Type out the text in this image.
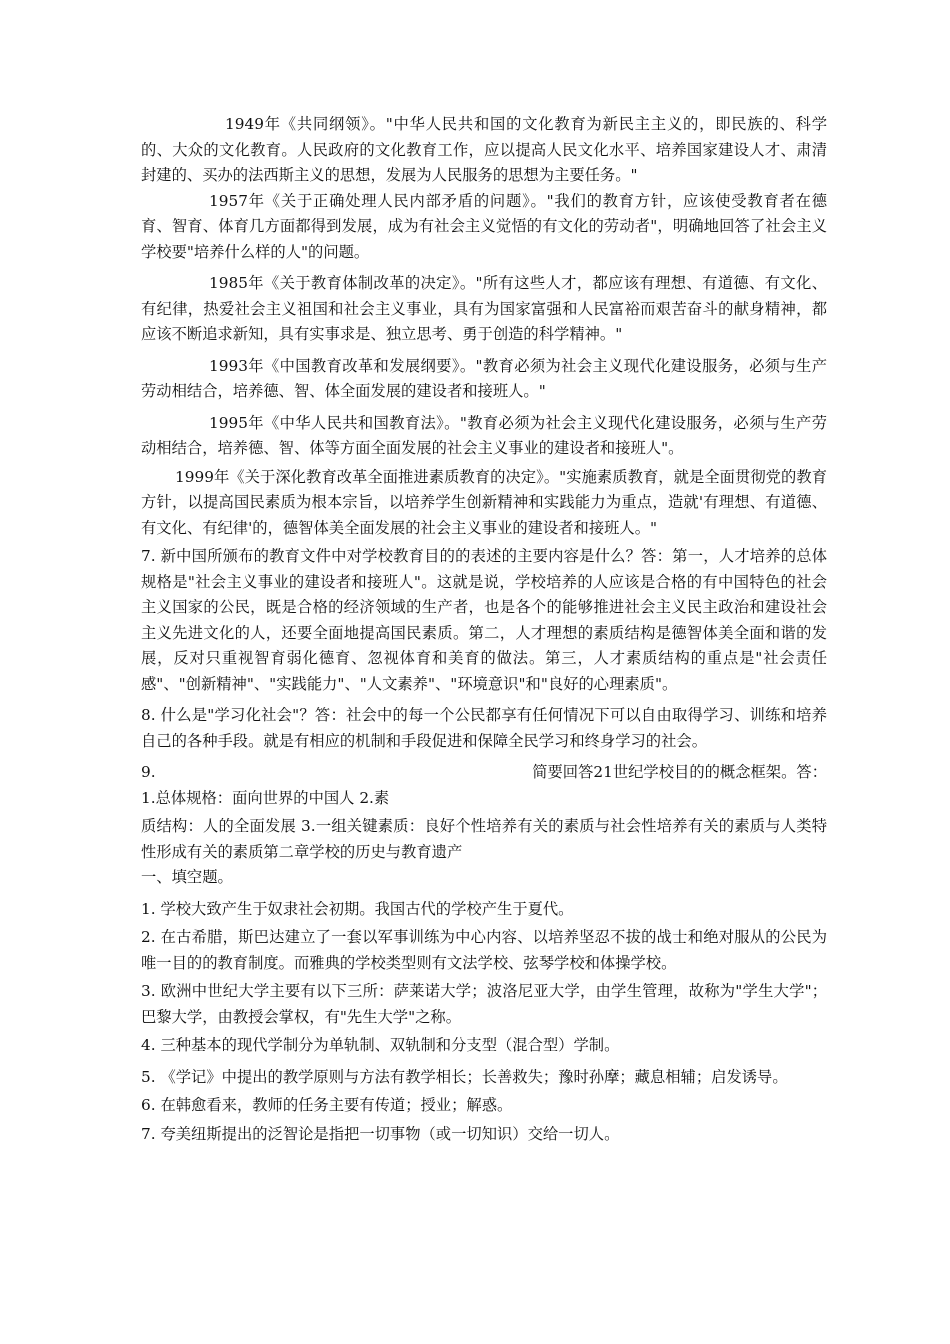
1949年《共同纲领》。"中华人民共和国的文化教育为新民主主义的，即民族的、科学的、大众的文化教育。人民政府的文化教育工作，应以提高人民文化水平、培养国家建设人才、肃清封建的、买办的法西斯主义的思想，发展为人民服务的思想为主要任务。"

1957年《关于正确处理人民内部矛盾的问题》。"我们的教育方针，应该使受教育者在德育、智育、体育几方面都得到发展，成为有社会主义觉悟的有文化的劳动者"，明确地回答了社会主义学校要"培养什么样的人"的问题。

1985年《关于教育体制改革的决定》。"所有这些人才，都应该有理想、有道德、有文化、有纪律，热爱社会主义祖国和社会主义事业，具有为国家富强和人民富裕而艰苦奋斗的献身精神，都应该不断追求新知，具有实事求是、独立思考、勇于创造的科学精神。"

1993年《中国教育改革和发展纲要》。"教育必须为社会主义现代化建设服务，必须与生产劳动相结合，培养德、智、体全面发展的建设者和接班人。"

1995年《中华人民共和国教育法》。"教育必须为社会主义现代化建设服务，必须与生产劳动相结合，培养德、智、体等方面全面发展的社会主义事业的建设者和接班人"。

1999年《关于深化教育改革全面推进素质教育的决定》。"实施素质教育，就是全面贯彻党的教育方针，以提高国民素质为根本宗旨，以培养学生创新精神和实践能力为重点，造就'有理想、有道德、有文化、有纪律'的，德智体美全面发展的社会主义事业的建设者和接班人。"

7. 新中国所颁布的教育文件中对学校教育目的的表述的主要内容是什么？答：第一，人才培养的总体规格是"社会主义事业的建设者和接班人"。这就是说，学校培养的人应该是合格的有中国特色的社会主义国家的公民，既是合格的经济领域的生产者，也是各个的能够推进社会主义民主政治和建设社会主义先进文化的人，还要全面地提高国民素质。第二，人才理想的素质结构是德智体美全面和谐的发展，反对只重视智育弱化德育、忽视体育和美育的做法。第三，人才素质结构的重点是"社会责任感"、"创新精神"、"实践能力"、"人文素养"、"环境意识"和"良好的心理素质"。

8. 什么是"学习化社会"？答：社会中的每一个公民都享有任何情况下可以自由取得学习、训练和培养自己的各种手段。就是有相应的机制和手段促进和保障全民学习和终身学习的社会。

9.	简要回答21世纪学校目的的概念框架。答：

1.总体规格：面向世界的中国人 2.素

质结构：人的全面发展 3.一组关键素质：良好个性培养有关的素质与社会性培养有关的素质与人类特性形成有关的素质第二章学校的历史与教育遗产

一、填空题。

1. 学校大致产生于奴隶社会初期。我国古代的学校产生于夏代。

2. 在古希腊，斯巴达建立了一套以军事训练为中心内容、以培养坚忍不拔的战士和绝对服从的公民为唯一目的的教育制度。而雅典的学校类型则有文法学校、弦琴学校和体操学校。

3. 欧洲中世纪大学主要有以下三所：萨莱诺大学；波洛尼亚大学，由学生管理，故称为"学生大学"；巴黎大学，由教授会掌权，有"先生大学"之称。

4. 三种基本的现代学制分为单轨制、双轨制和分支型（混合型）学制。

5. 《学记》中提出的教学原则与方法有教学相长；长善救失；豫时孙摩；藏息相辅；启发诱导。

6. 在韩愈看来，教师的任务主要有传道；授业；解惑。

7. 夸美纽斯提出的泛智论是指把一切事物（或一切知识）交给一切人。
